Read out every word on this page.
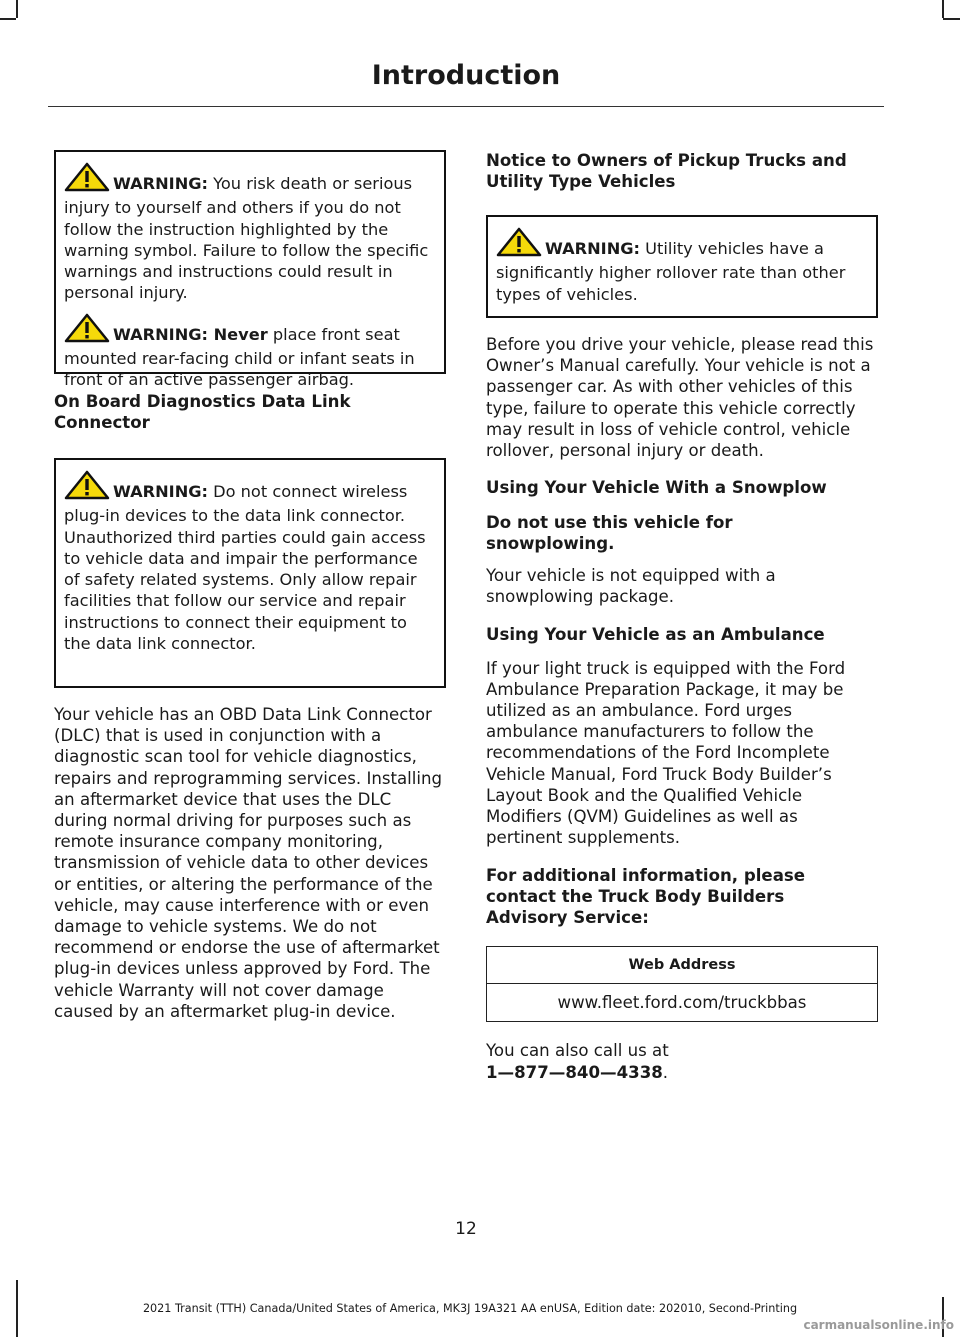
Introduction

WARNING: You risk death or serious injury to yourself and others if you do not follow the instruction highlighted by the warning symbol. Failure to follow the specific warnings and instructions could result in personal injury.

WARNING: Never place front seat mounted rear-facing child or infant seats in front of an active passenger airbag.

On Board Diagnostics Data Link Connector

WARNING: Do not connect wireless plug-in devices to the data link connector. Unauthorized third parties could gain access to vehicle data and impair the performance of safety related systems. Only allow repair facilities that follow our service and repair instructions to connect their equipment to the data link connector.

Your vehicle has an OBD Data Link Connector (DLC) that is used in conjunction with a diagnostic scan tool for vehicle diagnostics, repairs and reprogramming services. Installing an aftermarket device that uses the DLC during normal driving for purposes such as remote insurance company monitoring, transmission of vehicle data to other devices or entities, or altering the performance of the vehicle, may cause interference with or even damage to vehicle systems. We do not recommend or endorse the use of aftermarket plug-in devices unless approved by Ford. The vehicle Warranty will not cover damage caused by an aftermarket plug-in device.

Notice to Owners of Pickup Trucks and Utility Type Vehicles

WARNING: Utility vehicles have a significantly higher rollover rate than other types of vehicles.

Before you drive your vehicle, please read this Owner’s Manual carefully. Your vehicle is not a passenger car. As with other vehicles of this type, failure to operate this vehicle correctly may result in loss of vehicle control, vehicle rollover, personal injury or death.

Using Your Vehicle With a Snowplow

Do not use this vehicle for snowplowing.

Your vehicle is not equipped with a snowplowing package.

Using Your Vehicle as an Ambulance

If your light truck is equipped with the Ford Ambulance Preparation Package, it may be utilized as an ambulance. Ford urges ambulance manufacturers to follow the recommendations of the Ford Incomplete Vehicle Manual, Ford Truck Body Builder’s Layout Book and the Qualified Vehicle Modifiers (QVM) Guidelines as well as pertinent supplements.

For additional information, please contact the Truck Body Builders Advisory Service:

Web Address
www.fleet.ford.com/truckbbas

You can also call us at
1—877—840—4338.

12
2021 Transit (TTH) Canada/United States of America, MK3J 19A321 AA enUSA, Edition date: 202010, Second-Printing
carmanualsonline.info
